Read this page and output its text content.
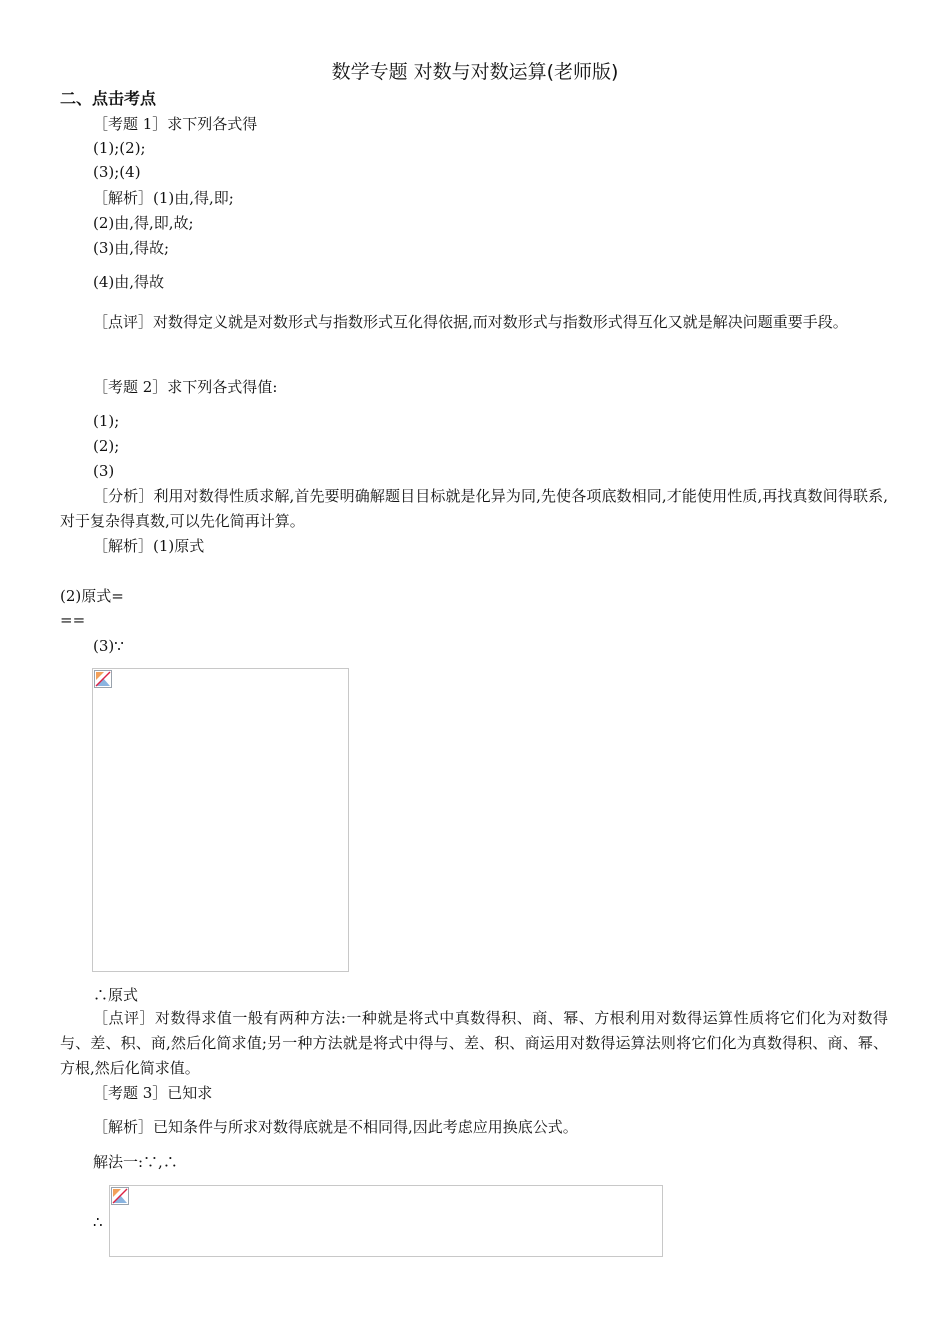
数学专题 对数与对数运算(老师版)
二、点击考点
［考题 1］求下列各式得
(1);(2);
(3);(4)
［解析］(1)由,得,即;
(2)由,得,即,故;
(3)由,得故;
(4)由,得故
［点评］对数得定义就是对数形式与指数形式互化得依据,而对数形式与指数形式得互化又就是解决问题重要手段。
［考题 2］求下列各式得值:
(1);
(2);
(3)
［分析］利用对数得性质求解,首先要明确解题目目标就是化异为同,先使各项底数相同,才能使用性质,再找真数间得联系,对于复杂得真数,可以先化简再计算。
［解析］(1)原式
(2)原式=
==
(3)∵
∴原式
［点评］对数得求值一般有两种方法:一种就是将式中真数得积、商、幂、方根利用对数得运算性质将它们化为对数得与、差、积、商,然后化简求值;另一种方法就是将式中得与、差、积、商运用对数得运算法则将它们化为真数得积、商、幂、方根,然后化简求值。
［考题 3］已知求
［解析］已知条件与所求对数得底就是不相同得,因此考虑应用换底公式。
解法一:∵,∴
∴
